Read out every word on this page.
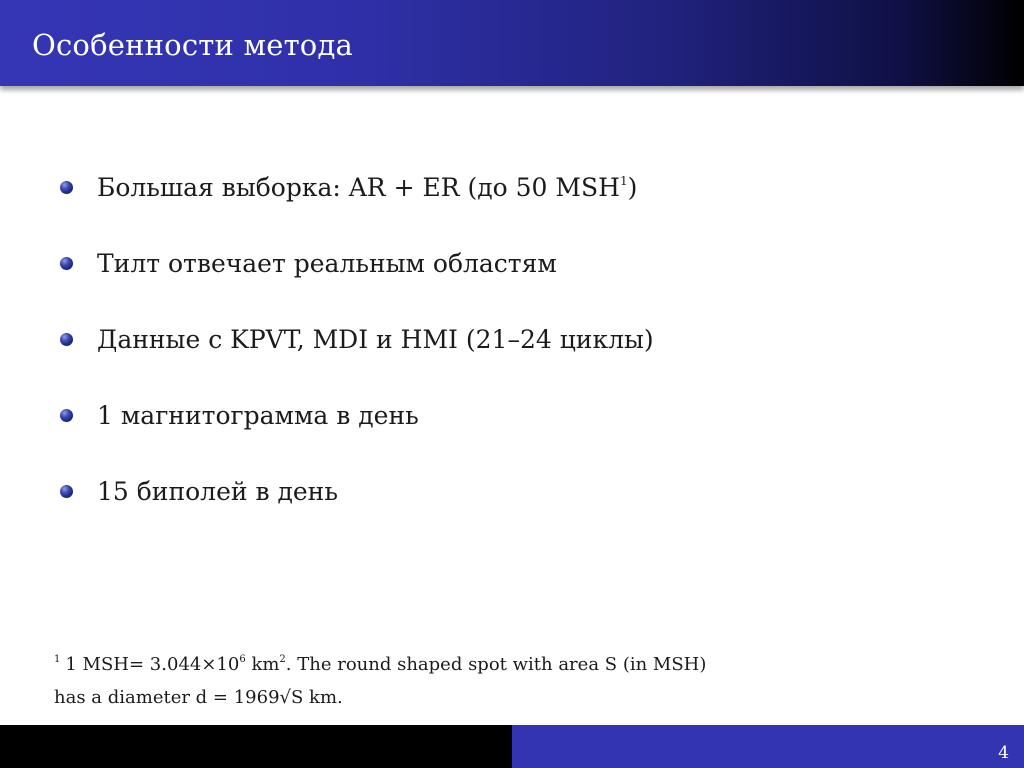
Особенности метода
Большая выборка: AR + ER (до 50 MSH$^1$)
Тилт отвечает реальным областям
Данные с KPVT, MDI и HMI (21–24 циклы)
1 магнитограмма в день
15 биполей в день
$^1$ 1 $MSH= 3.044\times 10^6$ $km^2$. The round shaped spot with area S (in MSH)
has a diameter d = 1969√S km.
4
